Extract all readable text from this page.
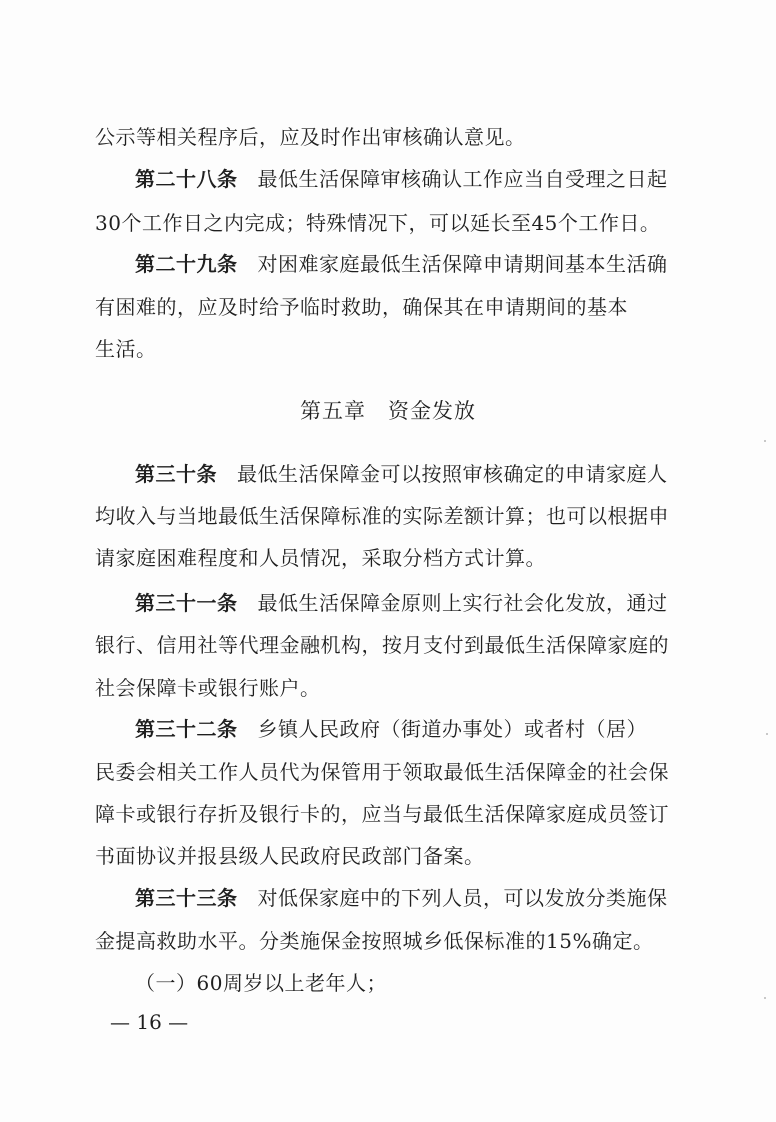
公示等相关程序后，应及时作出审核确认意见。
第二十八条 最低生活保障审核确认工作应当自受理之日起
30个工作日之内完成；特殊情况下，可以延长至45个工作日。
第二十九条 对困难家庭最低生活保障申请期间基本生活确
有困难的，应及时给予临时救助，确保其在申请期间的基本
生活。
第五章 资金发放
第三十条 最低生活保障金可以按照审核确定的申请家庭人
均收入与当地最低生活保障标准的实际差额计算；也可以根据申
请家庭困难程度和人员情况，采取分档方式计算。
第三十一条 最低生活保障金原则上实行社会化发放，通过
银行、信用社等代理金融机构，按月支付到最低生活保障家庭的
社会保障卡或银行账户。
第三十二条 乡镇人民政府（街道办事处）或者村（居）
民委会相关工作人员代为保管用于领取最低生活保障金的社会保
障卡或银行存折及银行卡的，应当与最低生活保障家庭成员签订
书面协议并报县级人民政府民政部门备案。
第三十三条 对低保家庭中的下列人员，可以发放分类施保
金提高救助水平。分类施保金按照城乡低保标准的15%确定。
（一）60周岁以上老年人；
— 16 —
